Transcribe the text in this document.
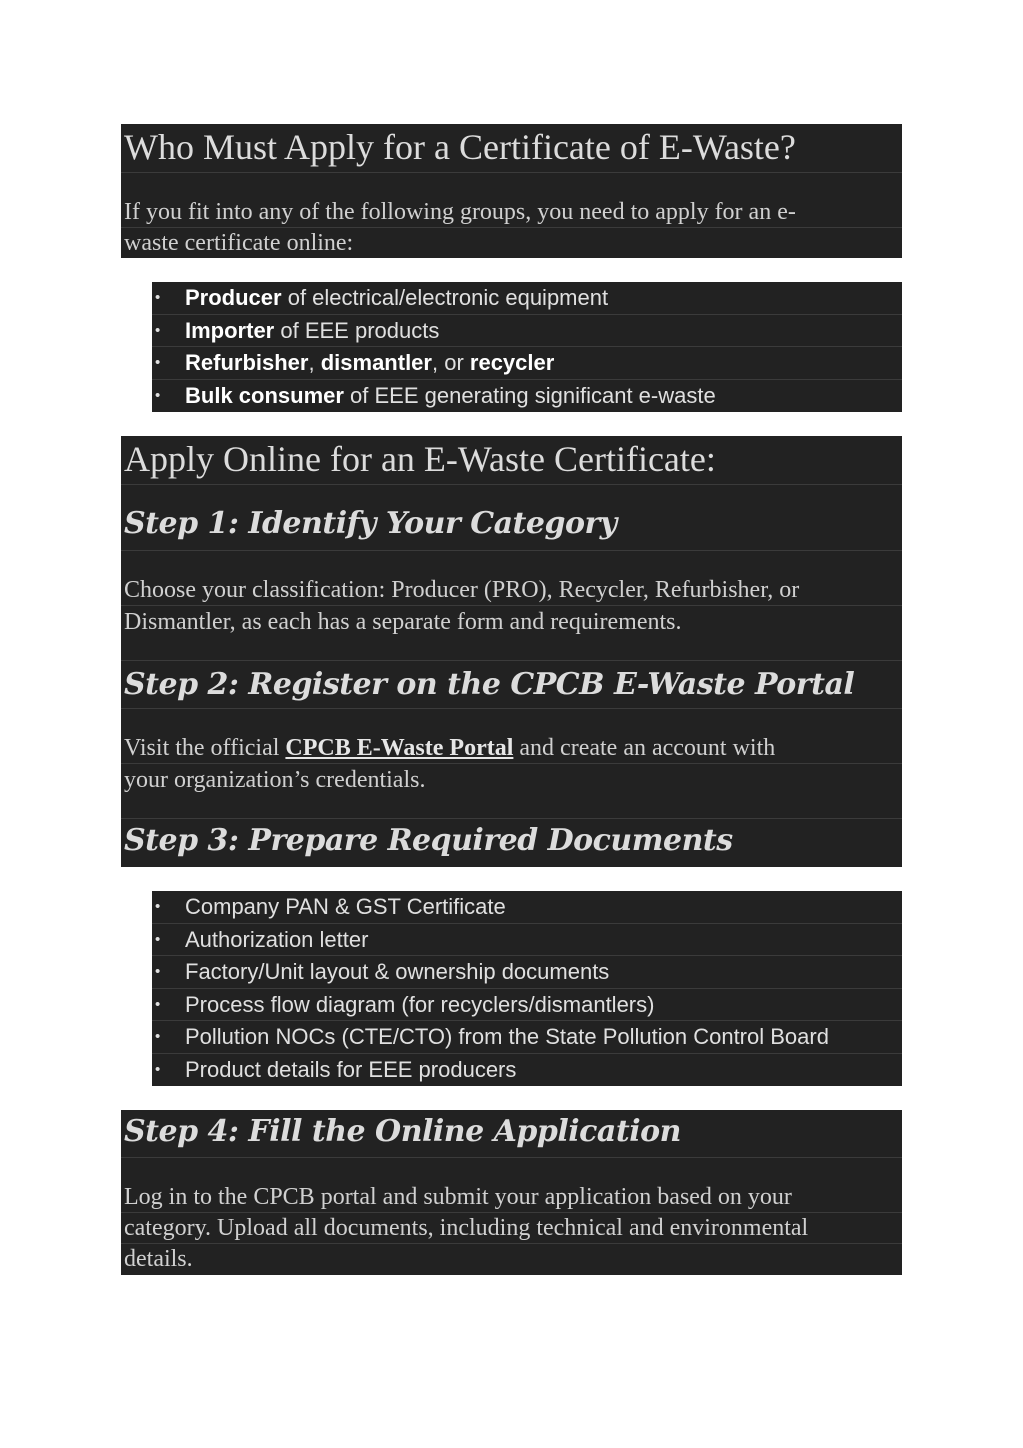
Who Must Apply for a Certificate of E-Waste?
If you fit into any of the following groups, you need to apply for an e-
waste certificate online:
• Producer of electrical/electronic equipment
• Importer of EEE products
• Refurbisher, dismantler, or recycler
• Bulk consumer of EEE generating significant e-waste
Apply Online for an E-Waste Certificate:
Step 1: Identify Your Category
Choose your classification: Producer (PRO), Recycler, Refurbisher, or
Dismantler, as each has a separate form and requirements.
Step 2: Register on the CPCB E-Waste Portal
Visit the official CPCB E-Waste Portal and create an account with
your organization’s credentials.
Step 3: Prepare Required Documents
• Company PAN & GST Certificate
• Authorization letter
• Factory/Unit layout & ownership documents
• Process flow diagram (for recyclers/dismantlers)
• Pollution NOCs (CTE/CTO) from the State Pollution Control Board
• Product details for EEE producers
Step 4: Fill the Online Application
Log in to the CPCB portal and submit your application based on your
category. Upload all documents, including technical and environmental
details.
